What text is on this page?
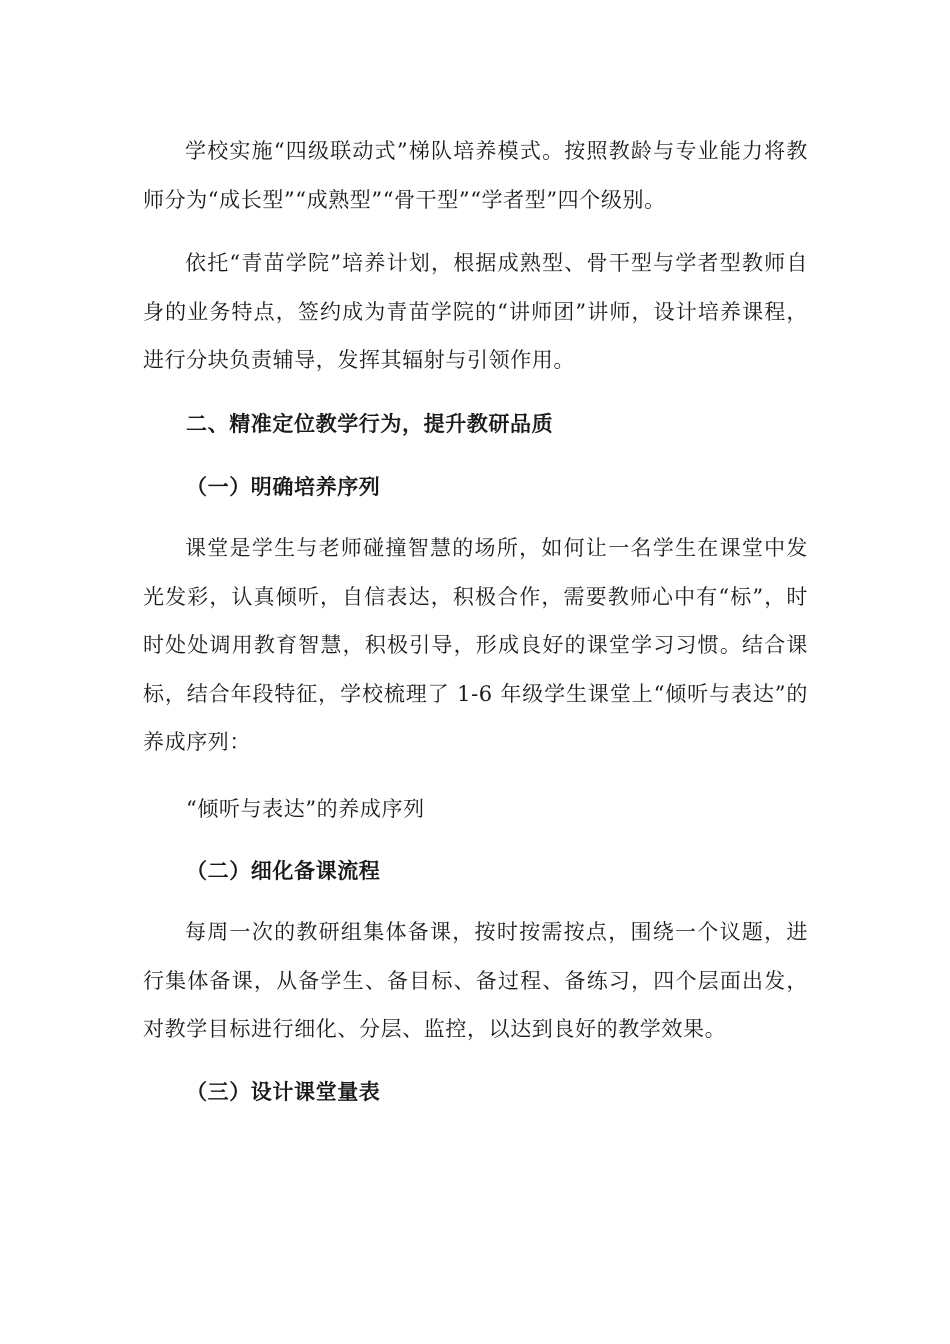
学校实施“四级联动式”梯队培养模式。按照教龄与专业能力将教师分为“成长型”“成熟型”“骨干型”“学者型”四个级别。

依托“青苗学院”培养计划，根据成熟型、骨干型与学者型教师自身的业务特点，签约成为青苗学院的“讲师团”讲师，设计培养课程，进行分块负责辅导，发挥其辐射与引领作用。

二、精准定位教学行为，提升教研品质
（一）明确培养序列

课堂是学生与老师碰撞智慧的场所，如何让一名学生在课堂中发光发彩，认真倾听，自信表达，积极合作，需要教师心中有“标”，时时处处调用教育智慧，积极引导，形成良好的课堂学习习惯。结合课标，结合年段特征，学校梳理了 1-6 年级学生课堂上“倾听与表达”的养成序列：

“倾听与表达”的养成序列

（二）细化备课流程

每周一次的教研组集体备课，按时按需按点，围绕一个议题，进行集体备课，从备学生、备目标、备过程、备练习，四个层面出发，对教学目标进行细化、分层、监控，以达到良好的教学效果。

（三）设计课堂量表
